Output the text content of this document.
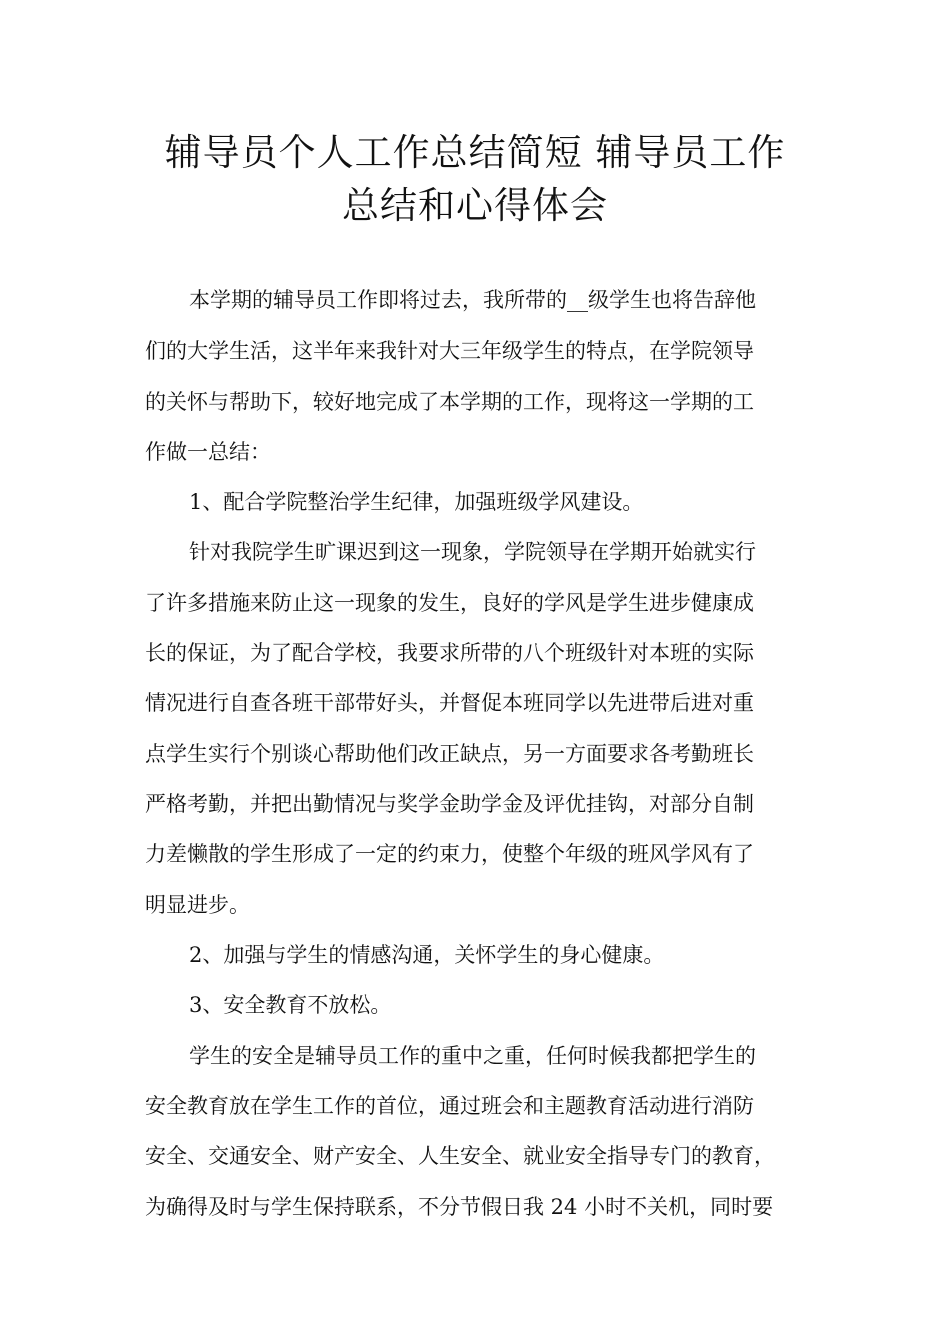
辅导员个人工作总结简短 辅导员工作
总结和心得体会

本学期的辅导员工作即将过去，我所带的__级学生也将告辞他

们的大学生活，这半年来我针对大三年级学生的特点，在学院领导

的关怀与帮助下，较好地完成了本学期的工作，现将这一学期的工

作做一总结：

1、配合学院整治学生纪律，加强班级学风建设。

针对我院学生旷课迟到这一现象，学院领导在学期开始就实行

了许多措施来防止这一现象的发生，良好的学风是学生进步健康成

长的保证，为了配合学校，我要求所带的八个班级针对本班的实际

情况进行自查各班干部带好头，并督促本班同学以先进带后进对重

点学生实行个别谈心帮助他们改正缺点，另一方面要求各考勤班长

严格考勤，并把出勤情况与奖学金助学金及评优挂钩，对部分自制

力差懒散的学生形成了一定的约束力，使整个年级的班风学风有了

明显进步。

2、加强与学生的情感沟通，关怀学生的身心健康。

3、安全教育不放松。

学生的安全是辅导员工作的重中之重，任何时候我都把学生的

安全教育放在学生工作的首位，通过班会和主题教育活动进行消防

安全、交通安全、财产安全、人生安全、就业安全指导专门的教育，

为确得及时与学生保持联系，不分节假日我 24 小时不关机，同时要
